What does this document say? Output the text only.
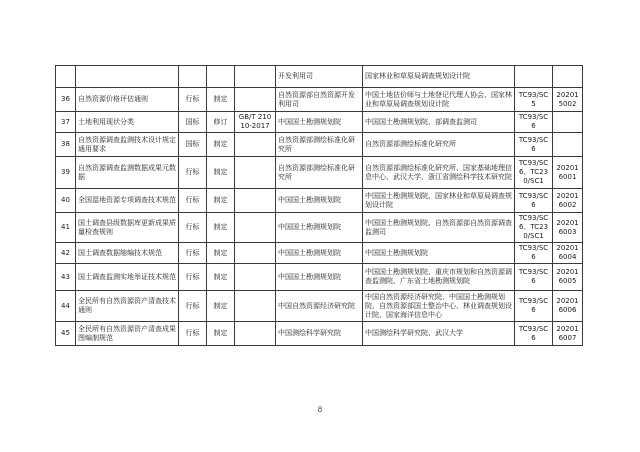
					开发利用司	国家林业和草原局调查规划设计院		
36	自然资源价格评估通则	行标	制定		自然资源部自然资源开发利用司	中国土地估价师与土地登记代理人协会、国家林业和草原局调查规划设计院	TC93/SC5	202015002
37	土地利用现状分类	国标	修订	GB/T 21010-2017	中国国土勘测规划院	中国国土勘测规划院、部调查监测司	TC93/SC6	
38	自然资源调查监测技术设计规定通用要求	国标	制定		自然资源部测绘标准化研究所	自然资源部测绘标准化研究所	TC93/SC6	
39	自然资源调查监测数据成果元数据	行标	制定		自然资源部测绘标准化研究所	自然资源部测绘标准化研究所、国家基础地理信息中心、武汉大学、浙江省测绘科学技术研究院	TC93/SC6、TC230/SC1	202016001
40	全国湿地资源专项调查技术规范	行标	制定		中国国土勘测规划院	中国国土勘测规划院、国家林业和草原局调查规划设计院	TC93/SC6	202016002
41	国土调查县级数据库更新成果质量检查规则	行标	制定		中国国土勘测规划院	中国国土勘测规划院、自然资源部自然资源调查监测司	TC93/SC6、TC230/SC1	202016003
42	国土调查数据缩编技术规范	行标	制定		中国国土勘测规划院	中国国土勘测规划院	TC93/SC6	202016004
43	国土调查监测实地举证技术规范	行标	制定		中国国土勘测规划院	中国国土勘测规划院、重庆市规划和自然资源调查监测院、广东省土地勘测规划院	TC93/SC6	202016005
44	全民所有自然资源资产清查技术通则	行标	制定		中国自然资源经济研究院	中国自然资源经济研究院、中国国土勘测规划院、自然资源部国土整治中心、林业调查规划设计院、国家海洋信息中心	TC93/SC6	202016006
45	全民所有自然资源资产清查成果图编制规范	行标	制定		中国测绘科学研究院	中国测绘科学研究院、武汉大学	TC93/SC6	202016007
8
